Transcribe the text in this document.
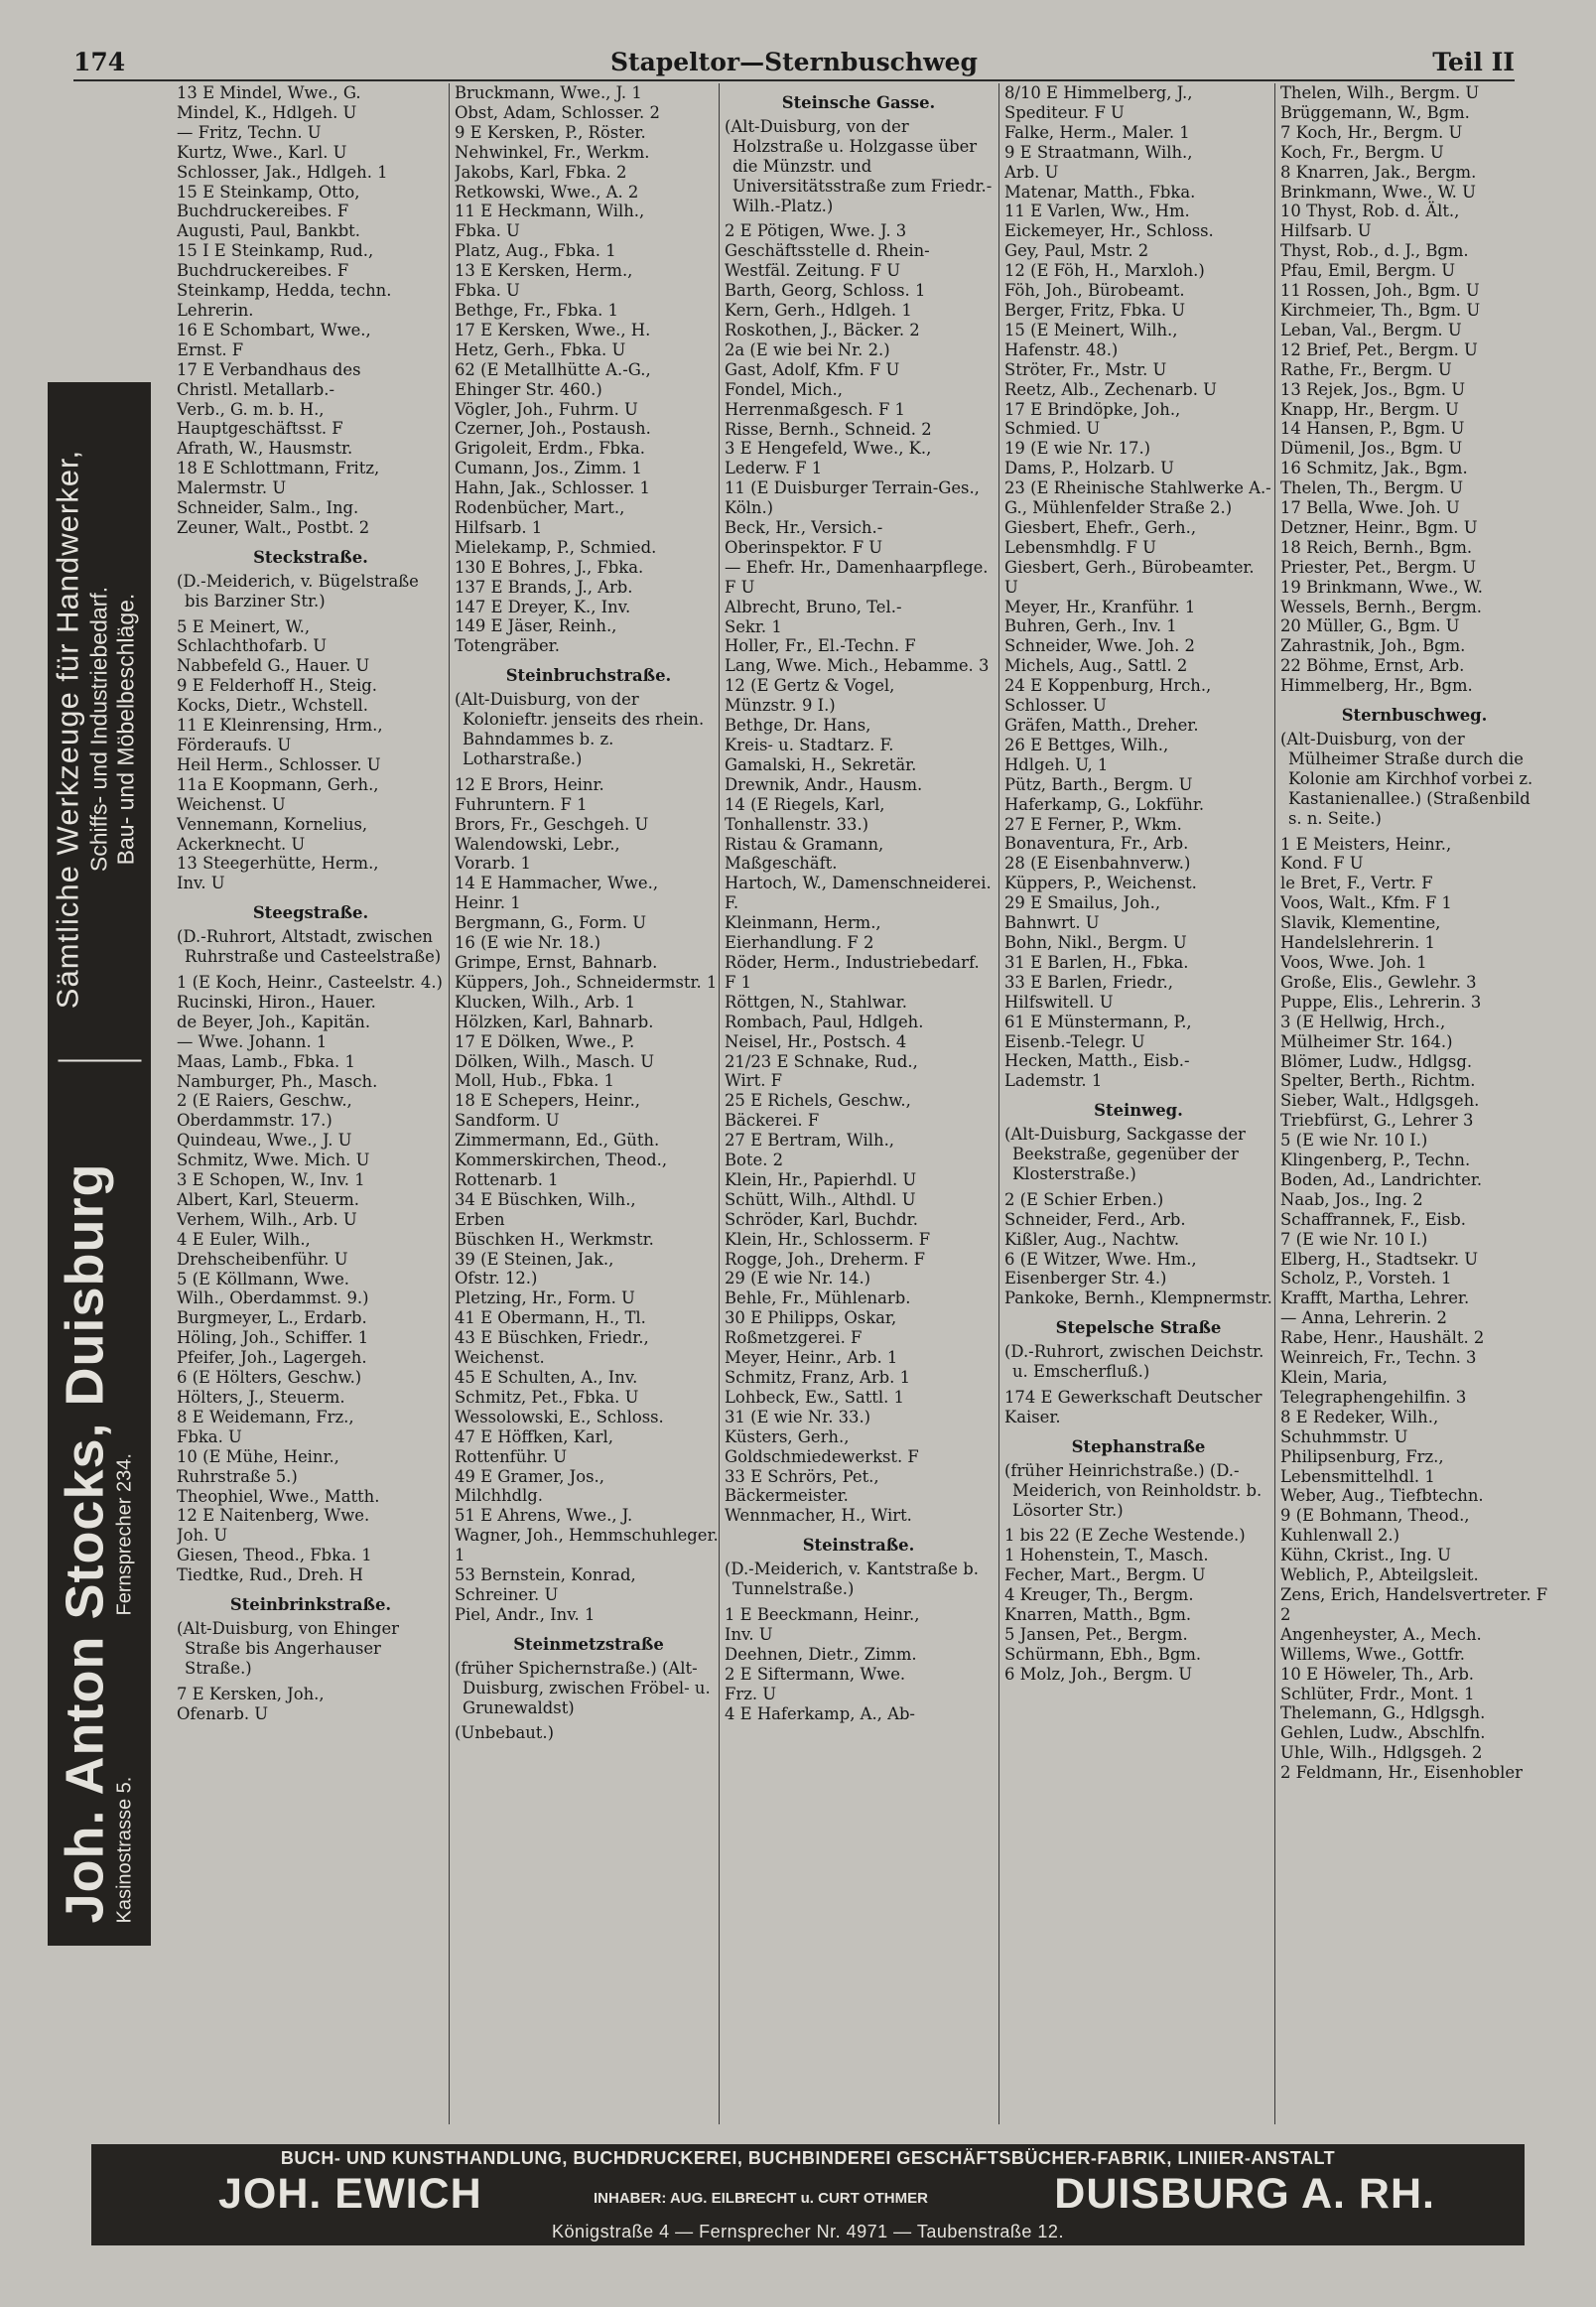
174	Stapeltor—Sternbuschweg	Teil II
Joh. Anton Stocks, Duisburg Kasinostrasse 5.
Fernsprecher 234.
Sämtliche Werkzeuge für Handwerker, Schiffs- und Industriebedarf. Bau- und Möbelbeschläge.

13 E Mindel, Wwe., G.

Mindel, K., Hdlgeh. U

— Fritz, Techn. U

Kurtz, Wwe., Karl. U

Schlosser, Jak., Hdlgeh. 1

15 E Steinkamp, Otto,

Buchdruckereibes. F

Augusti, Paul, Bankbt.

15 I E Steinkamp, Rud.,

Buchdruckereibes. F

Steinkamp, Hedda, techn.

Lehrerin.

16 E Schombart, Wwe.,

Ernst. F

17 E Verbandhaus des

Christl. Metallarb.-

Verb., G. m. b. H.,

Hauptgeschäftsst. F

Afrath, W., Hausmstr.

18 E Schlottmann, Fritz,

Malermstr. U

Schneider, Salm., Ing.

Zeuner, Walt., Postbt. 2

Steckstraße.

(D.-Meiderich, v. Bügelstraße bis Barziner Str.)

5 E Meinert, W.,

Schlachthofarb. U

Nabbefeld G., Hauer. U

9 E Felderhoff H., Steig.

Kocks, Dietr., Wchstell.

11 E Kleinrensing, Hrm.,

Förderaufs. U

Heil Herm., Schlosser. U

11a E Koopmann, Gerh.,

Weichenst. U

Vennemann, Kornelius,

Ackerknecht. U

13 Steegerhütte, Herm.,

Inv. U

Steegstraße.

(D.-Ruhrort, Altstadt, zwischen Ruhrstraße und Casteelstraße)

1 (E Koch, Heinr., Casteelstr. 4.)

Rucinski, Hiron., Hauer.

de Beyer, Joh., Kapitän.

— Wwe. Johann. 1

Maas, Lamb., Fbka. 1

Namburger, Ph., Masch.

2 (E Raiers, Geschw.,

Oberdammstr. 17.)

Quindeau, Wwe., J. U

Schmitz, Wwe. Mich. U

3 E Schopen, W., Inv. 1

Albert, Karl, Steuerm.

Verhem, Wilh., Arb. U

4 E Euler, Wilh., Drehscheibenführ. U

5 (E Köllmann, Wwe.

Wilh., Oberdammst. 9.)

Burgmeyer, L., Erdarb.

Höling, Joh., Schiffer. 1

Pfeifer, Joh., Lagergeh.

6 (E Hölters, Geschw.)

Hölters, J., Steuerm.

8 E Weidemann, Frz.,

Fbka. U

10 (E Mühe, Heinr.,

Ruhrstraße 5.)

Theophiel, Wwe., Matth.

12 E Naitenberg, Wwe.

Joh. U

Giesen, Theod., Fbka. 1

Tiedtke, Rud., Dreh. H

Steinbrinkstraße.

(Alt-Duisburg, von Ehinger Straße bis Angerhauser Straße.)

7 E Kersken, Joh.,

Ofenarb. U

Bruckmann, Wwe., J. 1

Obst, Adam, Schlosser. 2

9 E Kersken, P., Röster.

Nehwinkel, Fr., Werkm.

Jakobs, Karl, Fbka. 2

Retkowski, Wwe., A. 2

11 E Heckmann, Wilh.,

Fbka. U

Platz, Aug., Fbka. 1

13 E Kersken, Herm.,

Fbka. U

Bethge, Fr., Fbka. 1

17 E Kersken, Wwe., H.

Hetz, Gerh., Fbka. U

62 (E Metallhütte A.-G.,

Ehinger Str. 460.)

Vögler, Joh., Fuhrm. U

Czerner, Joh., Postaush.

Grigoleit, Erdm., Fbka.

Cumann, Jos., Zimm. 1

Hahn, Jak., Schlosser. 1

Rodenbücher, Mart.,

Hilfsarb. 1

Mielekamp, P., Schmied.

130 E Bohres, J., Fbka.

137 E Brands, J., Arb.

147 E Dreyer, K., Inv.

149 E Jäser, Reinh.,

Totengräber.

Steinbruchstraße.

(Alt-Duisburg, von der Kolonieftr. jenseits des rhein. Bahndammes b. z. Lotharstraße.)

12 E Brors, Heinr.

Fuhruntern. F 1

Brors, Fr., Geschgeh. U

Walendowski, Lebr.,

Vorarb. 1

14 E Hammacher, Wwe.,

Heinr. 1

Bergmann, G., Form. U

16 (E wie Nr. 18.)

Grimpe, Ernst, Bahnarb.

Küppers, Joh., Schneidermstr. 1

Klucken, Wilh., Arb. 1

Hölzken, Karl, Bahnarb.

17 E Dölken, Wwe., P.

Dölken, Wilh., Masch. U

Moll, Hub., Fbka. 1

18 E Schepers, Heinr.,

Sandform. U

Zimmermann, Ed., Güth.

Kommerskirchen, Theod.,

Rottenarb. 1

34 E Büschken, Wilh.,

Erben

Büschken H., Werkmstr.

39 (E Steinen, Jak.,

Ofstr. 12.)

Pletzing, Hr., Form. U

41 E Obermann, H., Tl.

43 E Büschken, Friedr.,

Weichenst.

45 E Schulten, A., Inv.

Schmitz, Pet., Fbka. U

Wessolowski, E., Schloss.

47 E Höffken, Karl,

Rottenführ. U

49 E Gramer, Jos.,

Milchhdlg.

51 E Ahrens, Wwe., J.

Wagner, Joh., Hemmschuhleger. 1

53 Bernstein, Konrad,

Schreiner. U

Piel, Andr., Inv. 1

Steinmetzstraße

(früher Spichernstraße.) (Alt-Duisburg, zwischen Fröbel- u. Grunewaldst)

(Unbebaut.)

Steinsche Gasse.

(Alt-Duisburg, von der Holzstraße u. Holzgasse über die Münzstr. und Universitätsstraße zum Friedr.-Wilh.-Platz.)

2 E Pötigen, Wwe. J. 3

Geschäftsstelle d. Rhein-

Westfäl. Zeitung. F U

Barth, Georg, Schloss. 1

Kern, Gerh., Hdlgeh. 1

Roskothen, J., Bäcker. 2

2a (E wie bei Nr. 2.)

Gast, Adolf, Kfm. F U

Fondel, Mich., Herrenmaßgesch. F 1

Risse, Bernh., Schneid. 2

3 E Hengefeld, Wwe., K.,

Lederw. F 1

11 (E Duisburger Terrain-Ges., Köln.)

Beck, Hr., Versich.-Oberinspektor. F U

— Ehefr. Hr., Damenhaarpflege. F U

Albrecht, Bruno, Tel.-

Sekr. 1

Holler, Fr., El.-Techn. F

Lang, Wwe. Mich., Hebamme. 3

12 (E Gertz & Vogel,

Münzstr. 9 I.)

Bethge, Dr. Hans,

Kreis- u. Stadtarz. F.

Gamalski, H., Sekretär.

Drewnik, Andr., Hausm.

14 (E Riegels, Karl,

Tonhallenstr. 33.)

Ristau & Gramann,

Maßgeschäft.

Hartoch, W., Damenschneiderei. F.

Kleinmann, Herm., Eierhandlung. F 2

Röder, Herm., Industriebedarf. F 1

Röttgen, N., Stahlwar.

Rombach, Paul, Hdlgeh.

Neisel, Hr., Postsch. 4

21/23 E Schnake, Rud.,

Wirt. F

25 E Richels, Geschw.,

Bäckerei. F

27 E Bertram, Wilh.,

Bote. 2

Klein, Hr., Papierhdl. U

Schütt, Wilh., Althdl. U

Schröder, Karl, Buchdr.

Klein, Hr., Schlosserm. F

Rogge, Joh., Dreherm. F

29 (E wie Nr. 14.)

Behle, Fr., Mühlenarb.

30 E Philipps, Oskar,

Roßmetzgerei. F

Meyer, Heinr., Arb. 1

Schmitz, Franz, Arb. 1

Lohbeck, Ew., Sattl. 1

31 (E wie Nr. 33.)

Küsters, Gerh., Goldschmiedewerkst. F

33 E Schrörs, Pet.,

Bäckermeister.

Wennmacher, H., Wirt.

Steinstraße.

(D.-Meiderich, v. Kantstraße b. Tunnelstraße.)

1 E Beeckmann, Heinr.,

Inv. U

Deehnen, Dietr., Zimm.

2 E Siftermann, Wwe.

Frz. U

4 E Haferkamp, A., Ab-

8/10 E Himmelberg, J.,

Spediteur. F U

Falke, Herm., Maler. 1

9 E Straatmann, Wilh.,

Arb. U

Matenar, Matth., Fbka.

11 E Varlen, Ww., Hm.

Eickemeyer, Hr., Schloss.

Gey, Paul, Mstr. 2

12 (E Föh, H., Marxloh.)

Föh, Joh., Bürobeamt.

Berger, Fritz, Fbka. U

15 (E Meinert, Wilh.,

Hafenstr. 48.)

Ströter, Fr., Mstr. U

Reetz, Alb., Zechenarb. U

17 E Brindöpke, Joh.,

Schmied. U

19 (E wie Nr. 17.)

Dams, P., Holzarb. U

23 (E Rheinische Stahlwerke A.-G., Mühlenfelder Straße 2.)

Giesbert, Ehefr., Gerh.,

Lebensmhdlg. F U

Giesbert, Gerh., Bürobeamter. U

Meyer, Hr., Kranführ. 1

Buhren, Gerh., Inv. 1

Schneider, Wwe. Joh. 2

Michels, Aug., Sattl. 2

24 E Koppenburg, Hrch.,

Schlosser. U

Gräfen, Matth., Dreher.

26 E Bettges, Wilh.,

Hdlgeh. U, 1

Pütz, Barth., Bergm. U

Haferkamp, G., Lokführ.

27 E Ferner, P., Wkm.

Bonaventura, Fr., Arb.

28 (E Eisenbahnverw.)

Küppers, P., Weichenst.

29 E Smailus, Joh.,

Bahnwrt. U

Bohn, Nikl., Bergm. U

31 E Barlen, H., Fbka.

33 E Barlen, Friedr.,

Hilfswitell. U

61 E Münstermann, P.,

Eisenb.-Telegr. U

Hecken, Matth., Eisb.-

Lademstr. 1

Steinweg.

(Alt-Duisburg, Sackgasse der Beekstraße, gegenüber der Klosterstraße.)

2 (E Schier Erben.)

Schneider, Ferd., Arb.

Kißler, Aug., Nachtw.

6 (E Witzer, Wwe. Hm.,

Eisenberger Str. 4.)

Pankoke, Bernh., Klempnermstr.

Stepelsche Straße

(D.-Ruhrort, zwischen Deichstr. u. Emscherfluß.)

174 E Gewerkschaft Deutscher Kaiser.

Stephanstraße

(früher Heinrichstraße.) (D.-Meiderich, von Reinholdstr. b. Lösorter Str.)

1 bis 22 (E Zeche Westende.)

1 Hohenstein, T., Masch.

Fecher, Mart., Bergm. U

4 Kreuger, Th., Bergm.

Knarren, Matth., Bgm.

5 Jansen, Pet., Bergm.

Schürmann, Ebh., Bgm.

6 Molz, Joh., Bergm. U

Thelen, Wilh., Bergm. U

Brüggemann, W., Bgm.

7 Koch, Hr., Bergm. U

Koch, Fr., Bergm. U

8 Knarren, Jak., Bergm.

Brinkmann, Wwe., W. U

10 Thyst, Rob. d. Ält.,

Hilfsarb. U

Thyst, Rob., d. J., Bgm.

Pfau, Emil, Bergm. U

11 Rossen, Joh., Bgm. U

Kirchmeier, Th., Bgm. U

Leban, Val., Bergm. U

12 Brief, Pet., Bergm. U

Rathe, Fr., Bergm. U

13 Rejek, Jos., Bgm. U

Knapp, Hr., Bergm. U

14 Hansen, P., Bgm. U

Dümenil, Jos., Bgm. U

16 Schmitz, Jak., Bgm.

Thelen, Th., Bergm. U

17 Bella, Wwe. Joh. U

Detzner, Heinr., Bgm. U

18 Reich, Bernh., Bgm.

Priester, Pet., Bergm. U

19 Brinkmann, Wwe., W.

Wessels, Bernh., Bergm.

20 Müller, G., Bgm. U

Zahrastnik, Joh., Bgm.

22 Böhme, Ernst, Arb.

Himmelberg, Hr., Bgm.

Sternbuschweg.

(Alt-Duisburg, von der Mülheimer Straße durch die Kolonie am Kirchhof vorbei z. Kastanienallee.) (Straßenbild s. n. Seite.)

1 E Meisters, Heinr.,

Kond. F U

le Bret, F., Vertr. F

Voos, Walt., Kfm. F 1

Slavik, Klementine, Handelslehrerin. 1

Voos, Wwe. Joh. 1

Große, Elis., Gewlehr. 3

Puppe, Elis., Lehrerin. 3

3 (E Hellwig, Hrch.,

Mülheimer Str. 164.)

Blömer, Ludw., Hdlgsg.

Spelter, Berth., Richtm.

Sieber, Walt., Hdlgsgeh.

Triebfürst, G., Lehrer 3

5 (E wie Nr. 10 I.)

Klingenberg, P., Techn.

Boden, Ad., Landrichter.

Naab, Jos., Ing. 2

Schaffrannek, F., Eisb.

7 (E wie Nr. 10 I.)

Elberg, H., Stadtsekr. U

Scholz, P., Vorsteh. 1

Krafft, Martha, Lehrer.

— Anna, Lehrerin. 2

Rabe, Henr., Haushält. 2

Weinreich, Fr., Techn. 3

Klein, Maria, Telegraphengehilfin. 3

8 E Redeker, Wilh.,

Schuhmmstr. U

Philipsenburg, Frz., Lebensmittelhdl. 1

Weber, Aug., Tiefbtechn.

9 (E Bohmann, Theod.,

Kuhlenwall 2.)

Kühn, Ckrist., Ing. U

Weblich, P., Abteilgsleit.

Zens, Erich, Handelsvertreter. F 2

Angenheyster, A., Mech.

Willems, Wwe., Gottfr.

10 E Höweler, Th., Arb.

Schlüter, Frdr., Mont. 1

Thelemann, G., Hdlgsgh.

Gehlen, Ludw., Abschlfn.

Uhle, Wilh., Hdlgsgeh. 2

2 Feldmann, Hr., Eisenhobler

BUCH- UND KUNSTHANDLUNG, BUCHDRUCKEREI, BUCHBINDEREI GESCHÄFTSBÜCHER-FABRIK, LINIIER-ANSTALT
JOH. EWICH	INHABER: AUG. EILBRECHT u. CURT OTHMER	DUISBURG A. RH.
Königstraße 4 — Fernsprecher Nr. 4971 — Taubenstraße 12.
